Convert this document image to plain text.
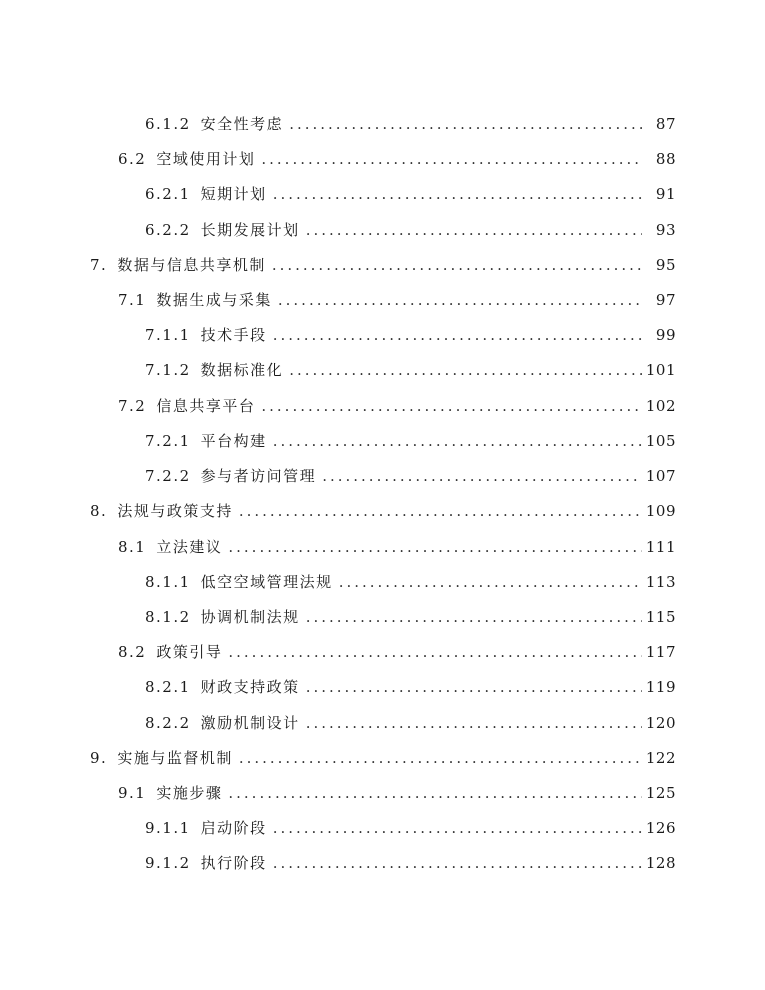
6.1.2 安全性考虑 .....	87
6.2 空域使用计划 .....	88
6.2.1 短期计划 .....	91
6.2.2 长期发展计划 .....	93
7. 数据与信息共享机制 .....	95
7.1 数据生成与采集 .....	97
7.1.1 技术手段 .....	99
7.1.2 数据标准化 .....	101
7.2 信息共享平台 .....	102
7.2.1 平台构建 .....	105
7.2.2 参与者访问管理 .....	107
8. 法规与政策支持 .....	109
8.1 立法建议 .....	111
8.1.1 低空空域管理法规 .....	113
8.1.2 协调机制法规 .....	115
8.2 政策引导 .....	117
8.2.1 财政支持政策 .....	119
8.2.2 激励机制设计 .....	120
9. 实施与监督机制 .....	122
9.1 实施步骤 .....	125
9.1.1 启动阶段 .....	126
9.1.2 执行阶段 .....	128
